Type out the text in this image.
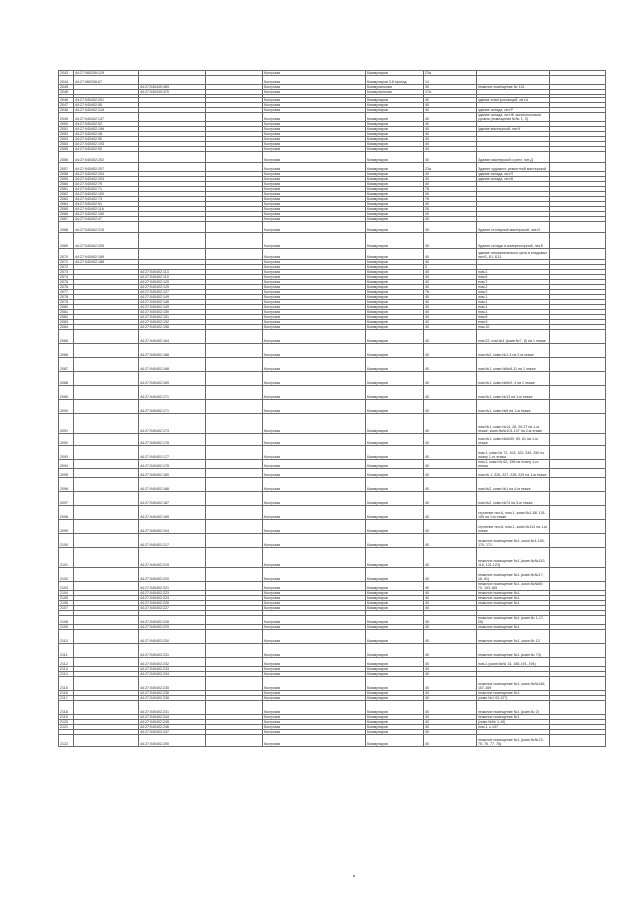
2043	44:27:060206:129			Кострома	Коммунаров	23а		
2044	44:27:060206:67			Кострома	Коммунаров 3-й проезд	14		
2045		44:27:040440:469		Кострома	Коммунальная	30	нежилое помещение № 101	
2046		44:27:040440:470		Кострома	Коммунальная	17а		

2046	44:27:040402:201			Кострома	Коммунаров	40	здание электростанций, лит.А	
2047	44:27:040402:55			Кострома	Коммунаров	40		
2048	44:27:040402:218			Кострома	Коммунаров	40	здание склада, лит.Р	
2049	44:27:040402:137			Кострома	Коммунаров	40	здание склада, лит.Ж частичнонового уровня (помещения №№ 1, 3)	
2050	44:27:040402:52			Кострома	Коммунаров	40		
2051	44:27:040402:196			Кострома	Коммунаров	40	здание мастерской, лит.К	
2052	44:27:040402:48			Кострома	Коммунаров	40		
2053	44:27:040402:50			Кострома	Коммунаров	40		
2054	44:27:040402:193			Кострома	Коммунаров	40		
2055	44:27:040402:59			Кострома	Коммунаров	40		
2056	44:27:040402:202			Кострома	Коммунаров	40	Здание мастерской и ратх, лит.Д	
2057	44:27:040402:207			Кострома	Коммунаров	23а	Здание художест-ремонтной мастерской	
2058	44:27:040402:204			Кострома	Коммунаров	40	здание склада, лит.П	
2059	44:27:040402:203			Кострома	Коммунаров	40	здание склада, лит.В	
2060	44:27:040402:79			Кострома	Коммунаров	40		
2061	44:27:040402:71			Кострома	Коммунаров	76		
2062	44:27:040402:100			Кострома	Коммунаров	40		
2063	44:27:040402:73			Кострома	Коммунаров	76		
2064	44:27:040402:51			Кострома	Коммунаров	40		
2065	44:27:040402:116			Кострома	Коммунаров	26		
2066	44:27:040402:150			Кострома	Коммунаров	40		
2067	44:27:040402:47			Кострома	Коммунаров	40		
2068	44:27:040402:215			Кострома	Коммунаров	40	Здание столярной мастерской, лит.И	
2069	44:27:040402:205			Кострома	Коммунаров	40	Здание склада и компрессорной, лит.Е	
2070	44:27:040402:189			Кострома	Коммунаров	40	здание гальванического цеха и кладовых, лит.Б, Б1, Б13	
2071	44:27:040402:188			Кострома	Коммунаров	40		
2072				Кострома	Коммунаров	3		
2073		44:27:040402:113		Кострома	Коммунаров	40	пом.1	
2074		44:27:040402:119		Кострома	Коммунаров	40	пом.6	
2075		44:27:040402:120		Кострома	Коммунаров	40	пом.7	
2076		44:27:040402:125		Кострома	Коммунаров	40	пом.2	
2077		44:27:040402:127		Кострома	Коммунаров	76	пом.2	
2078		44:27:040402:149		Кострома	Коммунаров	40	пом.1	
2079		44:27:040402:146		Кострома	Коммунаров	40	пом.1	
2080		44:27:040402:149		Кострома	Коммунаров	40	пом.1	
2081		44:27:040402:150		Кострома	Коммунаров	40	пом.1	
2082		44:27:040402:151		Кострома	Коммунаров	40	пом.8	
2083		44:27:040402:152		Кострома	Коммунаров	40	пом.9	
2084		44:27:040402:156		Кострома	Коммунаров	40	пом.10	
2085		44:27:040402:164		Кострома	Коммунаров	40	пом.22; пом.№1 (комн.№7, 8) на 1 этаже	
2086		44:27:040402:166		Кострома	Коммунаров	40	пом.№2, комн.№1-3 на 2-м этаже	
2087		44:27:040402:168		Кострома	Коммунаров	40	пом.№1, комн.№№8-11 на 1 этаже	
2088		44:27:040402:169		Кострома	Коммунаров	40	пом.№1, комн.№№9, 4 на 1 этаже	
2089		44:27:040402:171		Кострома	Коммунаров	40	пом.№1, комн.№13 на 1-м этаже	
2090		44:27:040402:171		Кострома	Коммунаров	40	пом.№1, комн.№6 на 1-м этаже	
2091		44:27:040402:173		Кострома	Коммунаров	40	пом.№1, комн.№14, 28, 29-37 на 1-м этаже; комн.№№101-107 на 2-м этаже	
2092		44:27:040402:176		Кострома	Коммунаров	40	пом.№1, комн.№№59, 60, 61 на 1-м этаже	
2093		44:27:040402:177		Кострома	Коммунаров	40	пом.1, комн.№ 72, 103, 102, 249, 250 по плану 1-го этажа	
2094		44:27:040402:178		Кострома	Коммунаров	40	пом.1, комн.№ 62, 158 на плану 1-го этажа	
2095		44:27:040402:180		Кострома	Коммунаров	40	пом.№ 1, 226, 227, 228, 229 на 1-м этаже	
2096		44:27:040402:186		Кострома	Коммунаров	40	пом.№2, комн.№1 на 4-м этаже	
2097		44:27:040402:187		Кострома	Коммунаров	40	пом.№2, комн.№74 на 3-м этаже	
2098		44:27:040402:189		Кострома	Коммунаров	40	строение лит.А, пом.1, комн.№1-68, 101-155 на 1-м этаже	
2099		44:27:040402:194		Кострома	Коммунаров	40	строение лит.А, пом.1, комн.№112 на 1-м этаже	
2100		44:27:040402:217		Кострома	Коммунаров	40	нежилое помещение №1, комн.№1-150, 170, 171	
2101		44:27:040402:219		Кострома	Коммунаров	40	нежилое помещение №1 (комн.№№110, 118, 121-123)	
2102		44:27:040402:220		Кострома	Коммунаров	40	нежилое помещение №1 (комн.№№17, 18, 81)	
2103		44:27:040402:221		Кострома	Коммунаров	40	нежилое помещение №1, комн.№№69, 70, 163-165	
2104		44:27:040402:223		Кострома	Коммунаров	40	нежилое помещение №1	
2105		44:27:040402:224		Кострома	Коммунаров	40	нежилое помещение №1	
2106		44:27:040402:226		Кострома	Коммунаров	40	нежилое помещение №1	
2107		44:27:040402:227		Кострома	Коммунаров	40		

2108		44:27:040402:228		Кострома	Коммунаров	40	нежилое помещение №1 (комн.№ 1-17, 26)	
2109		44:27:040402:229		Кострома	Коммунаров	40	нежилое помещение №1	
2110		44:27:040402:230		Кострома	Коммунаров	40	нежилое помещение №1, комн.№ 13	
2111		44:27:040402:231		Кострома	Коммунаров	40	нежилое помещение №1 (комн.№ 74)	
2112		44:27:040402:232		Кострома	Коммунаров	40	пом.1 (комн.№№ 14, 186-191, 194)	
2113		44:27:040402:233		Кострома	Коммунаров	40		
2114		44:27:040402:234		Кострома	Коммунаров	40		
2115		44:27:040402:235		Кострома	Коммунаров	40	нежилое помещение №1, комн.№№146, 157-169	
2116		44:27:040402:236		Кострома	Коммунаров	40	нежилое помещение №1	
2117		44:27:040402:238		Кострома	Коммунаров	40	(комн.№1 93-127)	
2118		44:27:040402:241		Кострома	Коммунаров	40	нежилое помещение №1 (комн.№ 2)	
2119		44:27:040402:244		Кострома	Коммунаров	40	нежилое помещение №1	
2120		44:27:040402:245		Кострома	Коммунаров	40	(комн.№№ 1-19)	
2121		44:27:040402:246		Кострома	Коммунаров	40	пом.1, к.137	
		44:27:040402:247		Кострома	Коммунаров	40		
2122		44:27:040402:250		Кострома	Коммунаров	40	нежилое помещение №1 (комн.№№74, 75, 76, 77, 78)	
